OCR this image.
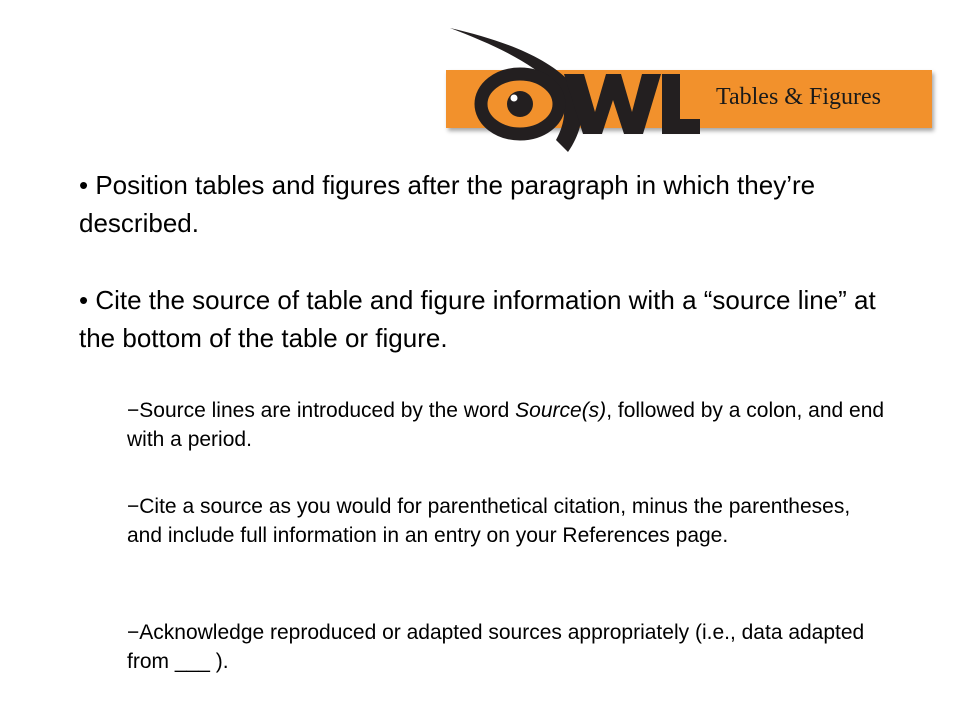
Tables & Figures
• Position tables and figures after the paragraph in which they’re described.
• Cite the source of table and figure information with a “source line” at the bottom of the table or figure.
−Source lines are introduced by the word Source(s), followed by a colon, and end with a period.
−Cite a source as you would for parenthetical citation, minus the parentheses, and include full information in an entry on your References page.
−Acknowledge reproduced or adapted sources appropriately (i.e., data adapted from ___ ).
